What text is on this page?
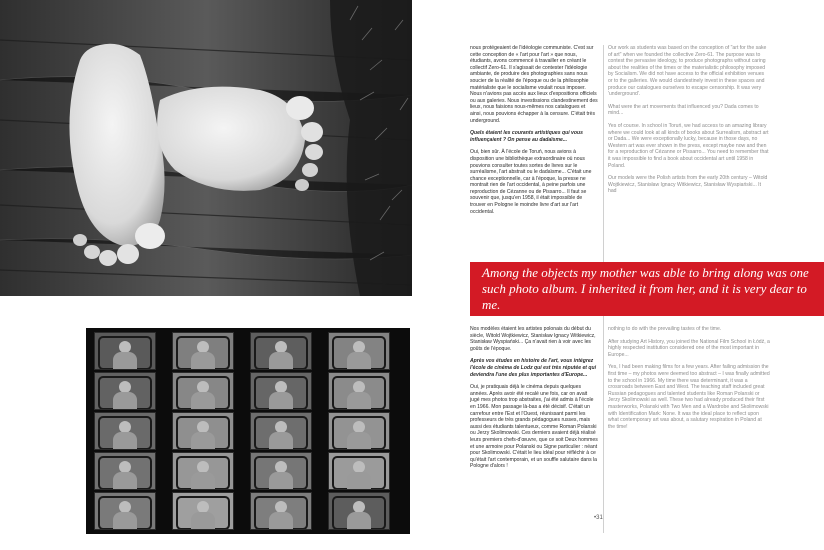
nous protégeaient de l'idéologie communiste. C'est sur cette conception de « l'art pour l'art » que nous, étudiants, avons commencé à travailler en créant le collectif Zero-61. Il s'agissait de contester l'idéologie ambiante, de produire des photographies sans nous soucier de la réalité de l'époque ou de la philosophie matérialiste que le socialisme voulait nous imposer. Nous n'avions pas accès aux lieux d'expositions officiels ou aux galeries. Nous investissions clandestinement des lieux, nous faisions nous-mêmes nos catalogues et ainsi, nous pouvions échapper à la censure. C'était très underground.

Quels étaient les courants artistiques qui vous influençaient ? On pense au dadaïsme...

Oui, bien sûr. À l'école de Toruń, nous avions à disposition une bibliothèque extraordinaire où nous pouvions consulter toutes sortes de livres sur le surréalisme, l'art abstrait ou le dadaïsme... C'était une chance exceptionnelle, car à l'époque, la presse ne montrait rien de l'art occidental, à peine parfois une reproduction de Cézanne ou de Pissarro... Il faut se souvenir que, jusqu'en 1958, il était impossible de trouver en Pologne le moindre livre d'art sur l'art occidental.

Our work as students was based on the conception of "art for the sake of art" when we founded the collective Zero-61. The purpose was to contest the pervasive ideology, to produce photographs without caring about the realities of the times or the materialistic philosophy imposed by Socialism. We did not have access to the official exhibition venues or to the galleries. We would clandestinely invest in these spaces and produce our catalogues ourselves to escape censorship. It was very 'underground'.

What were the art movements that influenced you? Dada comes to mind...

Yes of course. In school in Toruń, we had access to an amazing library where we could look at all kinds of books about Surrealism, abstract art or Dada... We were exceptionally lucky, because in those days, no Western art was ever shown in the press, except maybe now and then for a reproduction of Cézanne or Pissarro... You need to remember that it was impossible to find a book about occidental art until 1958 in Poland.

Our models were the Polish artists from the early 20th century – Witold Wojtkiewicz, Stanisław Ignacy Witkiewicz, Stanisław Wyspiański... It had

Among the objects my mother was able to bring along was one such photo album. I inherited it from her, and it is very dear to me.

Nos modèles étaient les artistes polonais du début du siècle, Witold Wojtkiewicz, Stanisław Ignacy Witkiewicz, Stanisław Wyspiański... Ça n'avait rien à voir avec les goûts de l'époque.

Après vos études en histoire de l'art, vous intégrez l'école de cinéma de Lodz qui est très réputée et qui deviendra l'une des plus importantes d'Europe...

Oui, je pratiquais déjà le cinéma depuis quelques années. Après avoir été recalé une fois, car on avait jugé mes photos trop abstraites, j'ai été admis à l'école en 1966. Mon passage là-bas a été décisif. C'était un carrefour entre l'Est et l'Ouest, réunissant parmi les professeurs de très grands pédagogues russes, mais aussi des étudiants talentueux, comme Roman Polanski ou Jerzy Skolimowski. Ces derniers avaient déjà réalisé leurs premiers chefs-d'œuvre, que ce soit Deux hommes et une armoire pour Polanski ou Signe particulier : néant pour Skolimowski. C'était le lieu idéal pour réfléchir à ce qu'était l'art contemporain, et un souffle salutaire dans la Pologne d'alors !

nothing to do with the prevailing tastes of the time.

After studying Art History, you joined the National Film School in Łódź, a highly respected institution considered one of the most important in Europe...

Yes, I had been making films for a few years. After failing admission the first time – my photos were deemed too abstract – I was finally admitted to the school in 1966. My time there was determinant, it was a crossroads between East and West. The teaching staff included great Russian pedagogues and talented students like Roman Polanski or Jerzy Skolimowski as well. These two had already produced their first masterworks, Polanski with Two Men and a Wardrobe and Skolimowski with Identification Mark: None. It was the ideal place to reflect upon what contemporary art was about, a salutary respiration in Poland at the time!

•31
